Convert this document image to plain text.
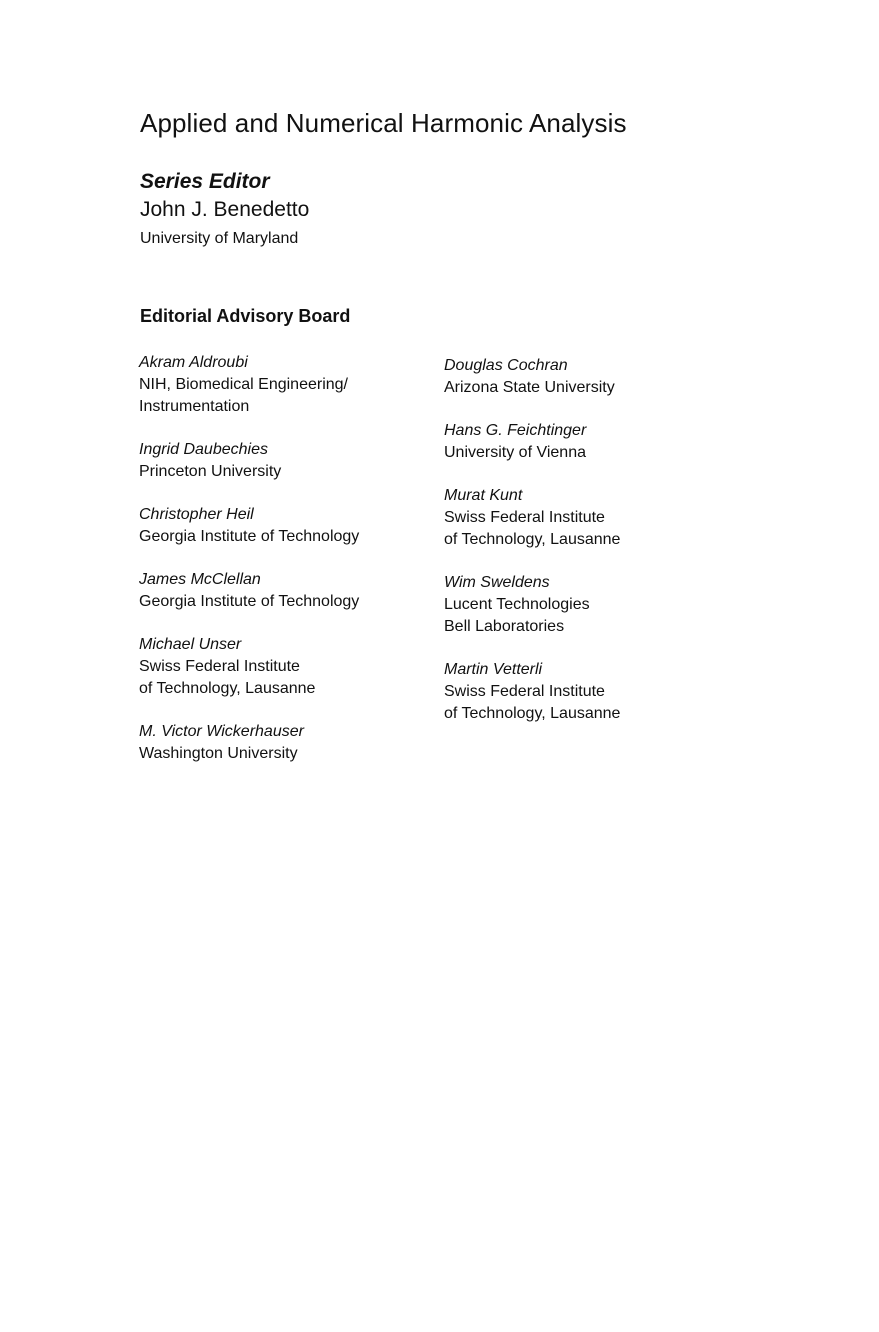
Applied and Numerical Harmonic Analysis

Series Editor

John J. Benedetto

University of Maryland

Editorial Advisory Board

Akram Aldroubi

NIH, Biomedical Engineering/

Instrumentation

Ingrid Daubechies

Princeton University

Christopher Heil

Georgia Institute of Technology

James McClellan

Georgia Institute of Technology

Michael Unser

Swiss Federal Institute

of Technology, Lausanne

M. Victor Wickerhauser

Washington University

Douglas Cochran

Arizona State University

Hans G. Feichtinger

University of Vienna

Murat Kunt

Swiss Federal Institute

of Technology, Lausanne

Wim Sweldens

Lucent Technologies

Bell Laboratories

Martin Vetterli

Swiss Federal Institute

of Technology, Lausanne
